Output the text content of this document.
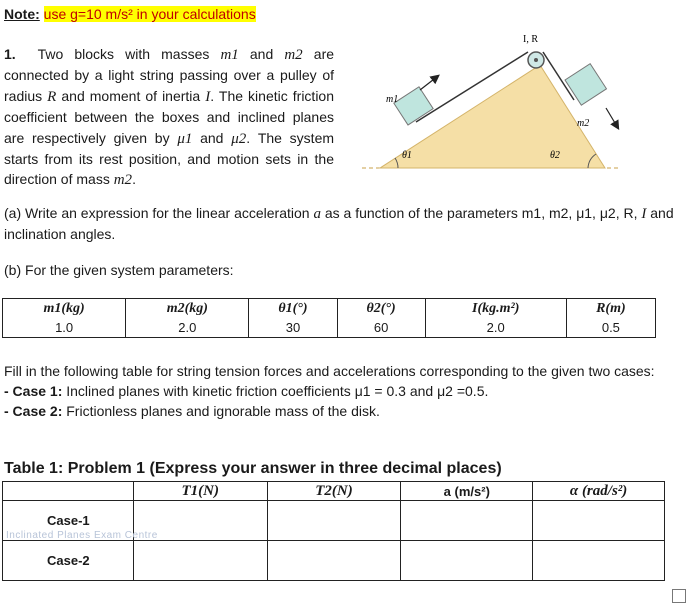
Note: use g=10 m/s² in your calculations

1. Two blocks with masses m1 and m2 are connected by a light string passing over a pulley of radius R and moment of inertia I. The kinetic friction coefficient between the boxes and inclined planes are respectively given by μ1 and μ2. The system starts from its rest position, and motion sets in the direction of mass m2.

I, R
m1
m2
θ1	θ2

(a) Write an expression for the linear acceleration a as a function of the parameters m1, m2, μ1, μ2, R, I and inclination angles.

(b) For the given system parameters:
m1(kg)	m2(kg)	θ1(°)	θ2(°)	I(kg.m²)	R(m)
1.0	2.0	30	60	2.0	0.5

Fill in the following table for string tension forces and accelerations corresponding to the given two cases:
- Case 1: Inclined planes with kinetic friction coefficients μ1 = 0.3 and μ2 =0.5.
- Case 2: Frictionless planes and ignorable mass of the disk.

Table 1: Problem 1 (Express your answer in three decimal places)
	T1(N)	T2(N)	a (m/s²)	α (rad/s²)
Case-1				
Case-2				
Inclinated Planes Exam Centre
